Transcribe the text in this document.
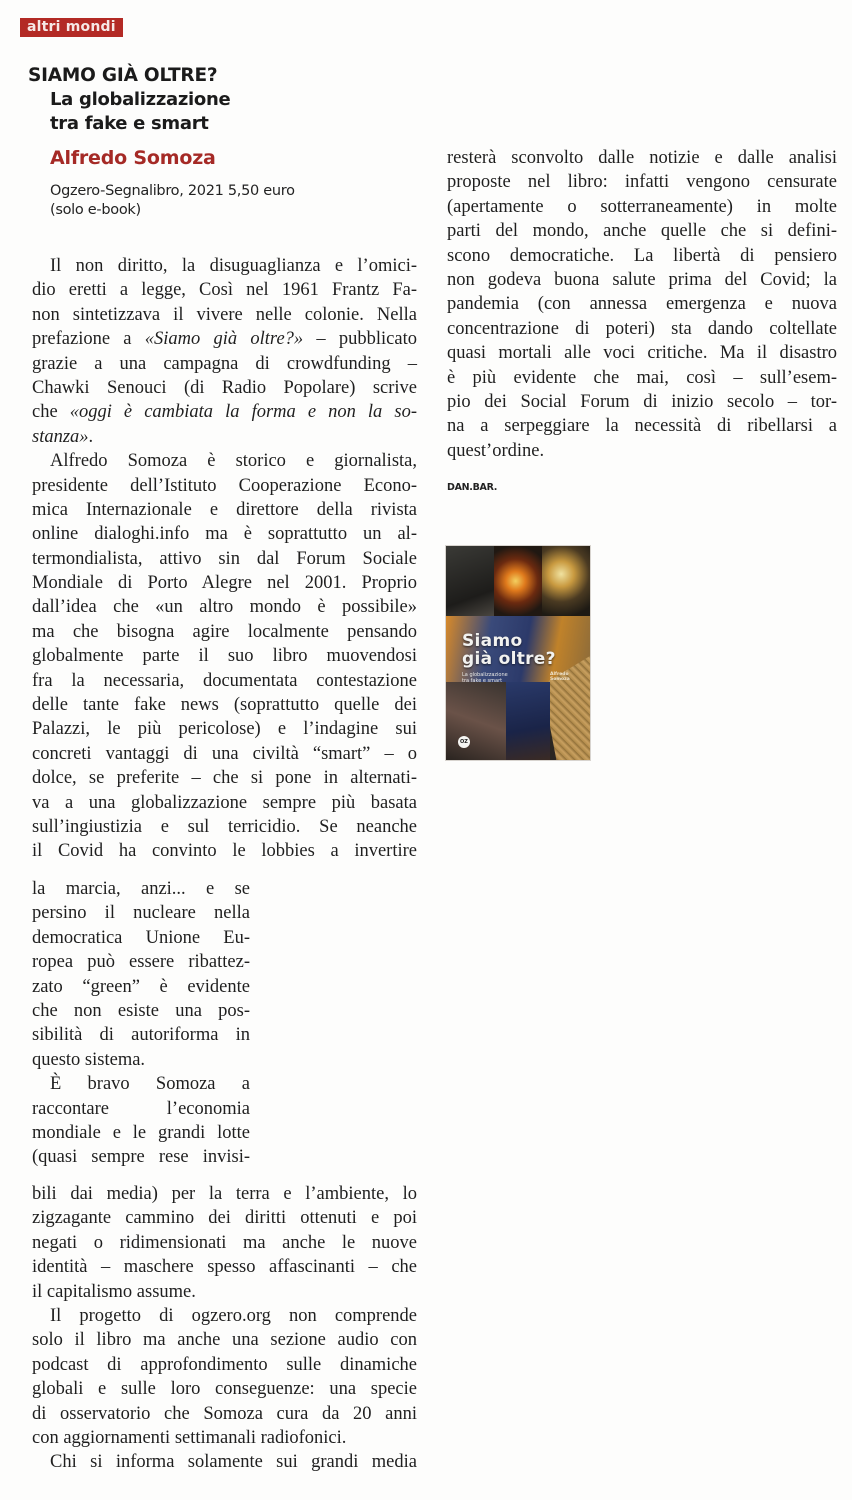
altri mondi
SIAMO GIÀ OLTRE?
La globalizzazione
tra fake e smart
Alfredo Somoza
Ogzero-Segnalibro, 2021 5,50 euro
(solo e-book)
Il non diritto, la disuguaglianza e l’omici-
dio eretti a legge, Così nel 1961 Frantz Fa-
non sintetizzava il vivere nelle colonie. Nella
prefazione a «Siamo già oltre?» – pubblicato
grazie a una campagna di crowdfunding –
Chawki Senouci (di Radio Popolare) scrive
che «oggi è cambiata la forma e non la so-
stanza».
Alfredo Somoza è storico e giornalista,
presidente dell’Istituto Cooperazione Econo-
mica Internazionale e direttore della rivista
online dialoghi.info ma è soprattutto un al-
termondialista, attivo sin dal Forum Sociale
Mondiale di Porto Alegre nel 2001. Proprio
dall’idea che «un altro mondo è possibile»
ma che bisogna agire localmente pensando
globalmente parte il suo libro muovendosi
fra la necessaria, documentata contestazione
delle tante fake news (soprattutto quelle dei
Palazzi, le più pericolose) e l’indagine sui
concreti vantaggi di una civiltà “smart” – o
dolce, se preferite – che si pone in alternati-
va a una globalizzazione sempre più basata
sull’ingiustizia e sul terricidio. Se neanche
il Covid ha convinto le lobbies a invertire
la marcia, anzi... e se
persino il nucleare nella
democratica Unione Eu-
ropea può essere ribattez-
zato “green” è evidente
che non esiste una pos-
sibilità di autoriforma in
questo sistema.
È bravo Somoza a
raccontare l’economia
mondiale e le grandi lotte
(quasi sempre rese invisi-
bili dai media) per la terra e l’ambiente, lo
zigzagante cammino dei diritti ottenuti e poi
negati o ridimensionati ma anche le nuove
identità – maschere spesso affascinanti – che
il capitalismo assume.
Il progetto di ogzero.org non comprende
solo il libro ma anche una sezione audio con
podcast di approfondimento sulle dinamiche
globali e sulle loro conseguenze: una specie
di osservatorio che Somoza cura da 20 anni
con aggiornamenti settimanali radiofonici.
Chi si informa solamente sui grandi media
resterà sconvolto dalle notizie e dalle analisi
proposte nel libro: infatti vengono censurate
(apertamente o sotterraneamente) in molte
parti del mondo, anche quelle che si defini-
scono democratiche. La libertà di pensiero
non godeva buona salute prima del Covid; la
pandemia (con annessa emergenza e nuova
concentrazione di poteri) sta dando coltellate
quasi mortali alle voci critiche. Ma il disastro
è più evidente che mai, così – sull’esem-
pio dei Social Forum di inizio secolo – tor-
na a serpeggiare la necessità di ribellarsi a
quest’ordine.
DAN.BAR.
Siamo
già oltre?
La globalizzazione
tra fake e smart
Alfredo
Somoza
OZ
